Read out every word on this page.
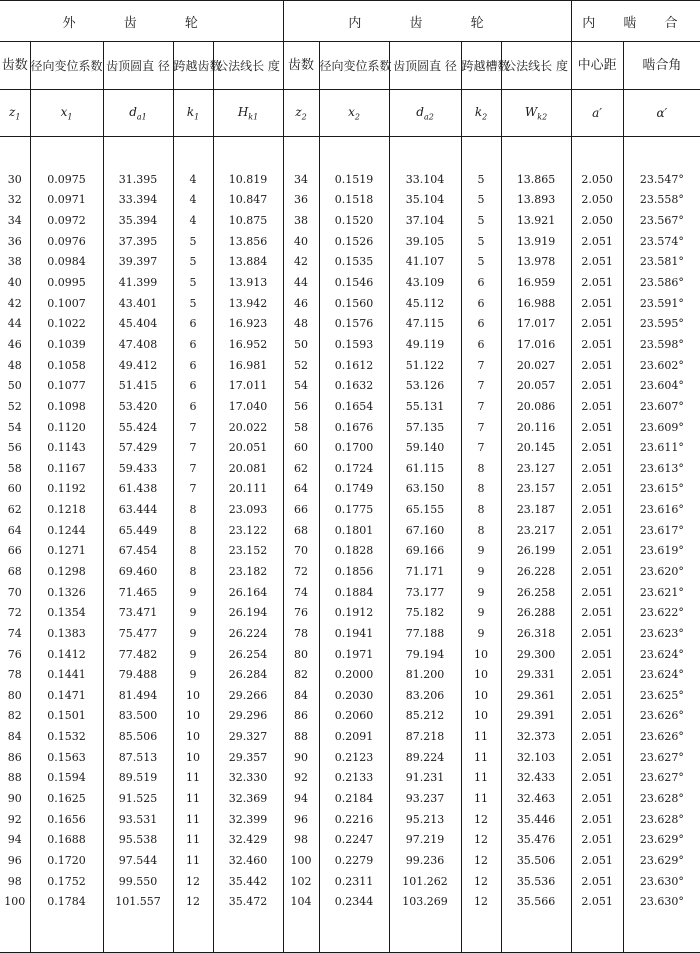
外 齿 轮					内 齿 轮					内 啮 合	
齿数	径向变位系数	齿顶圆直 径	跨越齿数	公法线长 度	齿数	径向变位系数	齿顶圆直 径	跨越槽数	公法线长 度	中心距	啮合角
$z_1$	$x_1$	$d_{a1}$	$k_1$	$H_{k1}$	$z_2$	$x_2$	$d_{a2}$	$k_2$	$W_{k2}$	a′	α′

30	0.0975	31.395	4	10.819	34	0.1519	33.104	5	13.865	2.050	23.547°
32	0.0971	33.394	4	10.847	36	0.1518	35.104	5	13.893	2.050	23.558°
34	0.0972	35.394	4	10.875	38	0.1520	37.104	5	13.921	2.050	23.567°
36	0.0976	37.395	5	13.856	40	0.1526	39.105	5	13.919	2.051	23.574°
38	0.0984	39.397	5	13.884	42	0.1535	41.107	5	13.978	2.051	23.581°
40	0.0995	41.399	5	13.913	44	0.1546	43.109	6	16.959	2.051	23.586°
42	0.1007	43.401	5	13.942	46	0.1560	45.112	6	16.988	2.051	23.591°
44	0.1022	45.404	6	16.923	48	0.1576	47.115	6	17.017	2.051	23.595°
46	0.1039	47.408	6	16.952	50	0.1593	49.119	6	17.016	2.051	23.598°
48	0.1058	49.412	6	16.981	52	0.1612	51.122	7	20.027	2.051	23.602°
50	0.1077	51.415	6	17.011	54	0.1632	53.126	7	20.057	2.051	23.604°
52	0.1098	53.420	6	17.040	56	0.1654	55.131	7	20.086	2.051	23.607°
54	0.1120	55.424	7	20.022	58	0.1676	57.135	7	20.116	2.051	23.609°
56	0.1143	57.429	7	20.051	60	0.1700	59.140	7	20.145	2.051	23.611°
58	0.1167	59.433	7	20.081	62	0.1724	61.115	8	23.127	2.051	23.613°
60	0.1192	61.438	7	20.111	64	0.1749	63.150	8	23.157	2.051	23.615°
62	0.1218	63.444	8	23.093	66	0.1775	65.155	8	23.187	2.051	23.616°
64	0.1244	65.449	8	23.122	68	0.1801	67.160	8	23.217	2.051	23.617°
66	0.1271	67.454	8	23.152	70	0.1828	69.166	9	26.199	2.051	23.619°
68	0.1298	69.460	8	23.182	72	0.1856	71.171	9	26.228	2.051	23.620°
70	0.1326	71.465	9	26.164	74	0.1884	73.177	9	26.258	2.051	23.621°
72	0.1354	73.471	9	26.194	76	0.1912	75.182	9	26.288	2.051	23.622°
74	0.1383	75.477	9	26.224	78	0.1941	77.188	9	26.318	2.051	23.623°
76	0.1412	77.482	9	26.254	80	0.1971	79.194	10	29.300	2.051	23.624°
78	0.1441	79.488	9	26.284	82	0.2000	81.200	10	29.331	2.051	23.624°
80	0.1471	81.494	10	29.266	84	0.2030	83.206	10	29.361	2.051	23.625°
82	0.1501	83.500	10	29.296	86	0.2060	85.212	10	29.391	2.051	23.626°
84	0.1532	85.506	10	29.327	88	0.2091	87.218	11	32.373	2.051	23.626°
86	0.1563	87.513	10	29.357	90	0.2123	89.224	11	32.103	2.051	23.627°
88	0.1594	89.519	11	32.330	92	0.2133	91.231	11	32.433	2.051	23.627°
90	0.1625	91.525	11	32.369	94	0.2184	93.237	11	32.463	2.051	23.628°
92	0.1656	93.531	11	32.399	96	0.2216	95.213	12	35.446	2.051	23.628°
94	0.1688	95.538	11	32.429	98	0.2247	97.219	12	35.476	2.051	23.629°
96	0.1720	97.544	11	32.460	100	0.2279	99.236	12	35.506	2.051	23.629°
98	0.1752	99.550	12	35.442	102	0.2311	101.262	12	35.536	2.051	23.630°
100	0.1784	101.557	12	35.472	104	0.2344	103.269	12	35.566	2.051	23.630°
